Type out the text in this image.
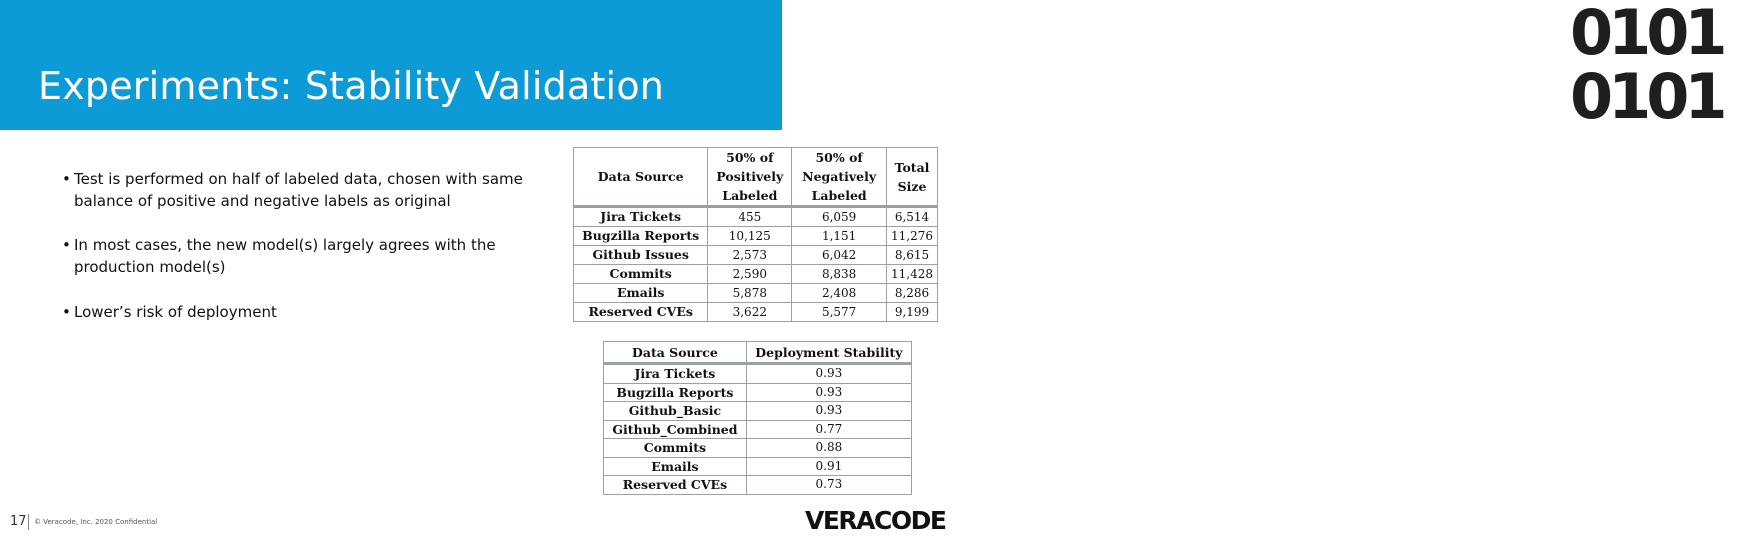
Experiments: Stability Validation
0101
0101
• Test is performed on half of labeled data, chosen with same balance of positive and negative labels as original
• In most cases, the new model(s) largely agrees with the production model(s)
• Lower’s risk of deployment
Data Source	50% of Positively Labeled	50% of Negatively Labeled	Total Size
Jira Tickets	455	6,059	6,514
Bugzilla Reports	10,125	1,151	11,276
Github Issues	2,573	6,042	8,615
Commits	2,590	8,838	11,428
Emails	5,878	2,408	8,286
Reserved CVEs	3,622	5,577	9,199
Data Source	Deployment Stability
Jira Tickets	0.93
Bugzilla Reports	0.93
Github_Basic	0.93
Github_Combined	0.77
Commits	0.88
Emails	0.91
Reserved CVEs	0.73
17 © Veracode, Inc. 2020 Confidential	VERACODE
